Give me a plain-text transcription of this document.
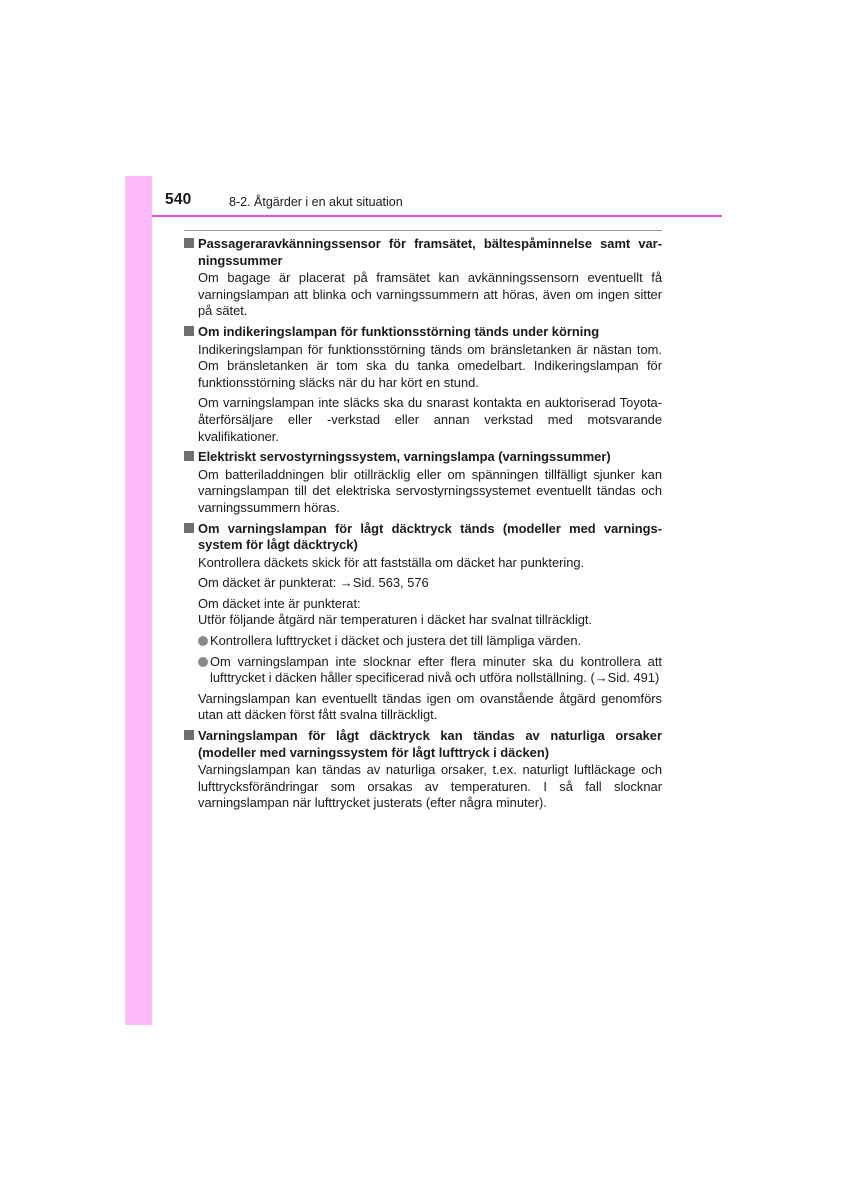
540	8-2. Åtgärder i en akut situation
Passageraravkänningssensor för framsätet, bältespåminnelse samt varningssummer
Om bagage är placerat på framsätet kan avkänningssensorn eventuellt få varningslampan att blinka och varningssummern att höras, även om ingen sitter på sätet.
Om indikeringslampan för funktionsstörning tänds under körning
Indikeringslampan för funktionsstörning tänds om bränsletanken är nästan tom. Om bränsletanken är tom ska du tanka omedelbart. Indikeringslampan för funktionsstörning släcks när du har kört en stund.
Om varningslampan inte släcks ska du snarast kontakta en auktoriserad Toyota-återförsäljare eller -verkstad eller annan verkstad med motsvarande kvalifikationer.
Elektriskt servostyrningssystem, varningslampa (varningssummer)
Om batteriladdningen blir otillräcklig eller om spänningen tillfälligt sjunker kan varningslampan till det elektriska servostyrningssystemet eventuellt tändas och varningssummern höras.
Om varningslampan för lågt däcktryck tänds (modeller med varningssystem för lågt däcktryck)
Kontrollera däckets skick för att fastställa om däcket har punktering.
Om däcket är punkterat: →Sid. 563, 576
Om däcket inte är punkterat:
Utför följande åtgärd när temperaturen i däcket har svalnat tillräckligt.
Kontrollera lufttrycket i däcket och justera det till lämpliga värden.
Om varningslampan inte slocknar efter flera minuter ska du kontrollera att lufttrycket i däcken håller specificerad nivå och utföra nollställning. (→Sid. 491)
Varningslampan kan eventuellt tändas igen om ovanstående åtgärd genomförs utan att däcken först fått svalna tillräckligt.
Varningslampan för lågt däcktryck kan tändas av naturliga orsaker (modeller med varningssystem för lågt lufttryck i däcken)
Varningslampan kan tändas av naturliga orsaker, t.ex. naturligt luftläckage och lufttrycksförändringar som orsakas av temperaturen. I så fall slocknar varningslampan när lufttrycket justerats (efter några minuter).
